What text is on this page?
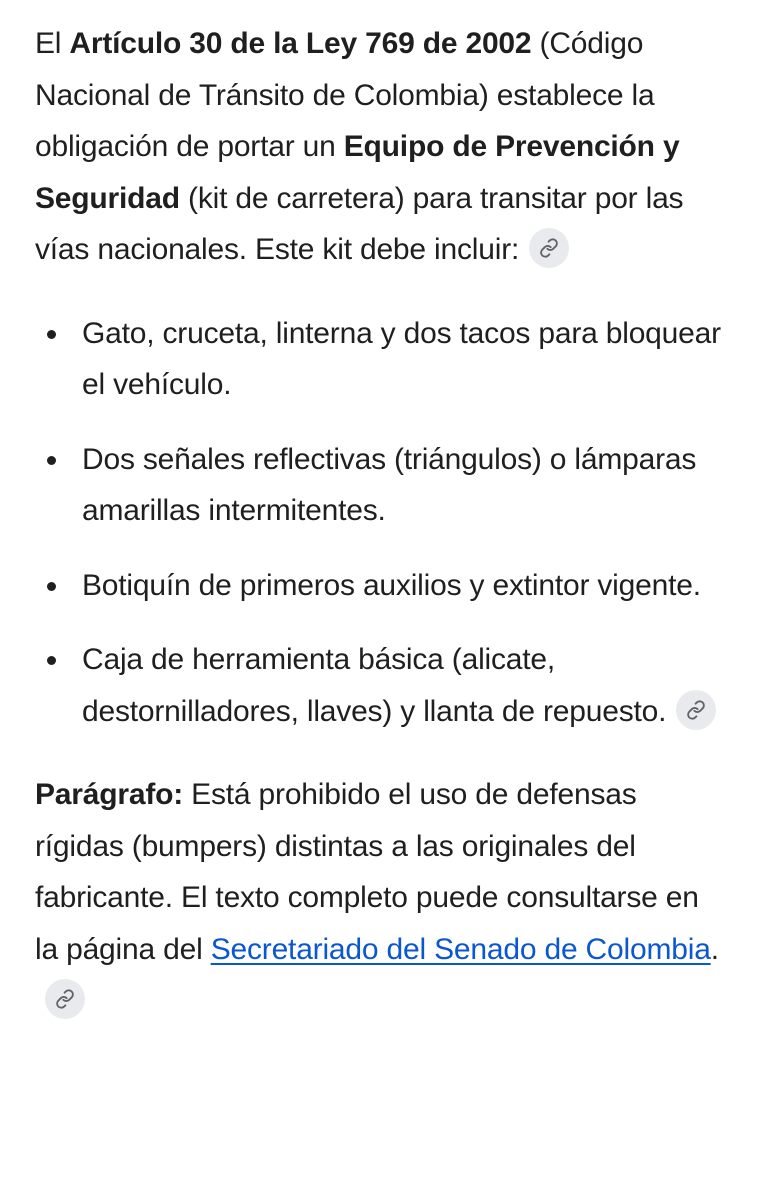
El Artículo 30 de la Ley 769 de 2002 (Código Nacional de Tránsito de Colombia) establece la obligación de portar un Equipo de Prevención y Seguridad (kit de carretera) para transitar por las vías nacionales. Este kit debe incluir:

Gato, cruceta, linterna y dos tacos para bloquear el vehículo.
Dos señales reflectivas (triángulos) o lámparas amarillas intermitentes.
Botiquín de primeros auxilios y extintor vigente.
Caja de herramienta básica (alicate, destornilladores, llaves) y llanta de repuesto.

Parágrafo: Está prohibido el uso de defensas rígidas (bumpers) distintas a las originales del fabricante. El texto completo puede consultarse en la página del Secretariado del Senado de Colombia.
